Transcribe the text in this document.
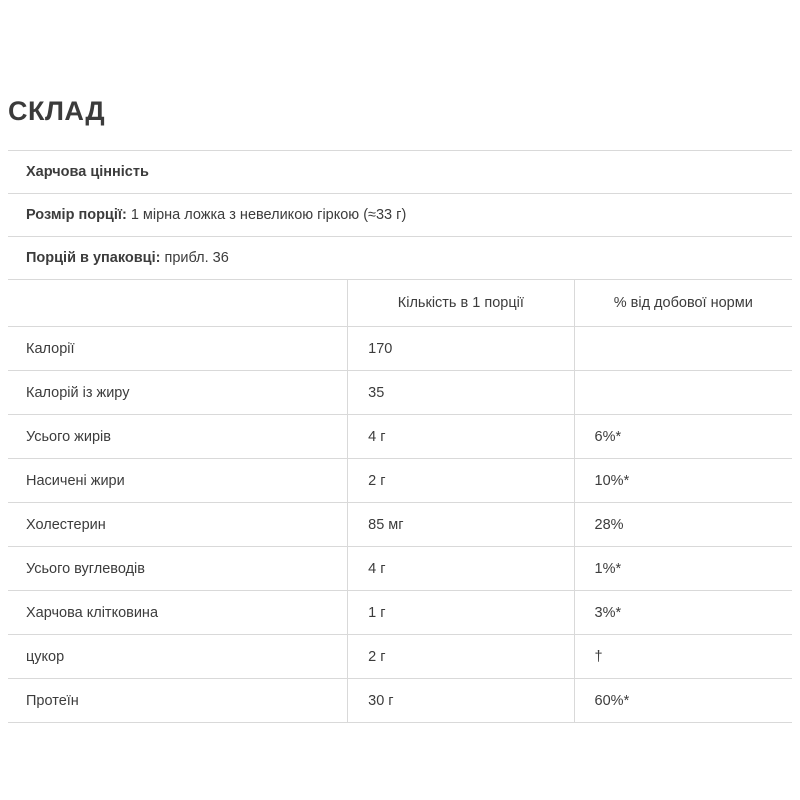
СКЛАД
Харчова цінність		
Розмір порції: 1 мірна ложка з невеликою гіркою (≈33 г)		
Порцій в упаковці: прибл. 36		
	Кількість в 1 порції	% від добової норми
Калорії	170	
Калорій із жиру	35	
Усього жирів	4 г	6%*
Насичені жири	2 г	10%*
Холестерин	85 мг	28%
Усього вуглеводів	4 г	1%*
Харчова клітковина	1 г	3%*
цукор	2 г	†
Протеїн	30 г	60%*
